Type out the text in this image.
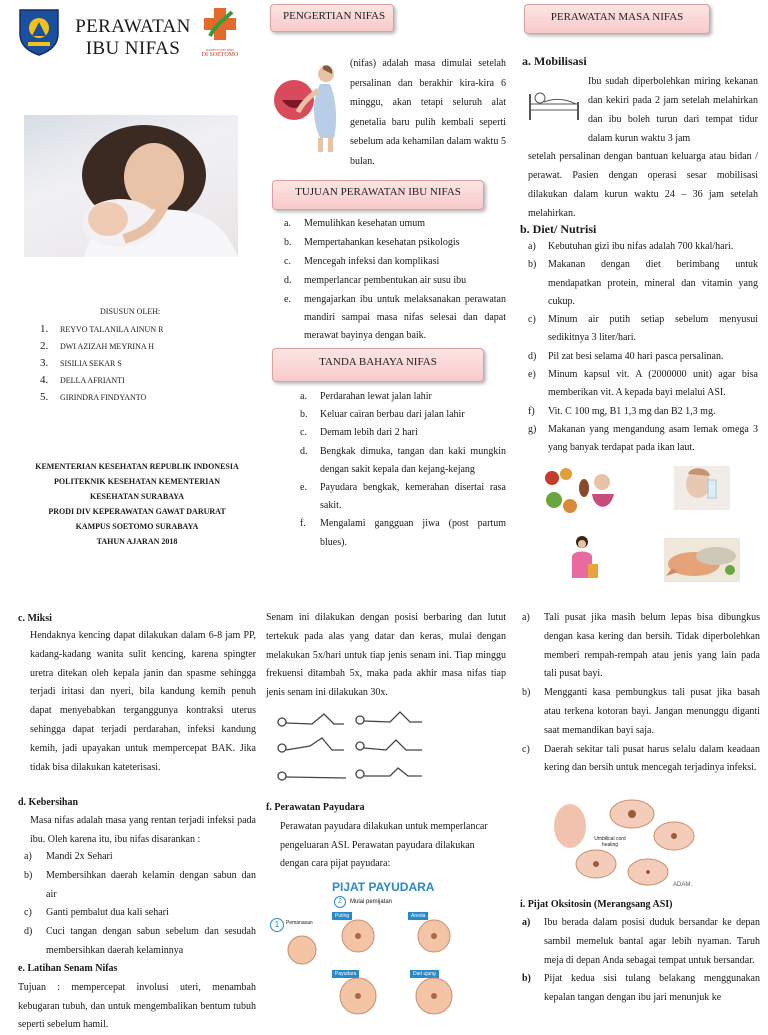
PERAWATAN
IBU NIFAS	KAMPUS SOETOMO
DI SOETOMO
DISUSUN OLEH:
1. REYVO TALANILA AINUN R
2. DWI AZIZAH MEYRINA H
3. SISILIA SEKAR S
4. DELLA AFRIANTI
5. GIRINDRA FINDYANTO
KEMENTERIAN KESEHATAN REPUBLIK INDONESIA
POLITEKNIK KESEHATAN KEMENTERIAN
KESEHATAN SURABAYA
PRODI DIV KEPERAWATAN GAWAT DARURAT
KAMPUS SOETOMO SURABAYA
TAHUN AJARAN 2018
PENGERTIAN NIFAS
(nifas) adalah masa dimulai setelah persalinan dan berakhir kira-kira 6 minggu, akan tetapi seluruh alat genetalia baru pulih kembali seperti sebelum ada kehamilan dalam waktu 5 bulan.
TUJUAN PERAWATAN IBU NIFAS
a. Memulihkan kesehatan umum
b. Mempertahankan kesehatan psikologis
c. Mencegah infeksi dan komplikasi
d. memperlancar pembentukan air susu ibu
e. mengajarkan ibu untuk melaksanakan perawatan mandiri sampai masa nifas selesai dan dapat merawat bayinya dengan baik.
TANDA BAHAYA NIFAS
a. Perdarahan lewat jalan lahir
b. Keluar cairan berbau dari jalan lahir
c. Demam lebih dari 2 hari
d. Bengkak dimuka, tangan dan kaki mungkin dengan sakit kepala dan kejang-kejang
e. Payudara bengkak, kemerahan disertai rasa sakit.
f. Mengalami gangguan jiwa (post partum blues).
PERAWATAN MASA NIFAS
a. Mobilisasi
Ibu sudah diperbolehkan miring kekanan dan kekiri pada 2 jam setelah melahirkan dan ibu boleh turun dari tempat tidur dalam kurun waktu 3 jam
setelah persalinan dengan bantuan keluarga atau bidan / perawat. Pasien dengan operasi sesar mobilisasi dilakukan dalam kurun waktu 24 – 36 jam setelah melahirkan.
b. Diet/ Nutrisi
a) Kebutuhan gizi ibu nifas adalah 700 kkal/hari.
b) Makanan dengan diet berimbang untuk mendapatkan protein, mineral dan vitamin yang cukup.
c) Minum air putih setiap sebelum menyusui sedikitnya 3 liter/hari.
d) Pil zat besi selama 40 hari pasca persalinan.
e) Minum kapsul vit. A (2000000 unit) agar bisa memberikan vit. A kepada bayi melalui ASI.
f) Vit. C 100 mg, B1 1,3 mg dan B2 1,3 mg.
g) Makanan yang mengandung asam lemak omega 3 yang banyak terdapat pada ikan laut.
c. Miksi
Hendaknya kencing dapat dilakukan dalam 6-8 jam PP, kadang-kadang wanita sulit kencing, karena spingter uretra ditekan oleh kepala janin dan spasme sehingga terjadi iritasi dan nyeri, bila kandung kemih penuh dapat menyebabkan terganggunya kontraksi uterus sehingga dapat terjadi perdarahan, infeksi kandung kemih, jadi upayakan untuk mempercepat BAK. Jika tidak bisa dilakukan kateterisasi.
d. Kebersihan
Masa nifas adalah masa yang rentan terjadi infeksi pada ibu. Oleh karena itu, ibu nifas disarankan :
a) Mandi 2x Sehari
b) Membersihkan daerah kelamin dengan sabun dan air
c) Ganti pembalut dua kali sehari
d) Cuci tangan dengan sabun sebelum dan sesudah membersihkan daerah kelaminnya
e. Latihan Senam Nifas
Tujuan : mempercepat involusi uteri, menambah kebugaran tubuh, dan untuk mengembalikan bentum tubuh seperti sebelum hamil.
Senam ini dilakukan dengan posisi berbaring dan lutut tertekuk pada alas yang datar dan keras, mulai dengan melakukan 5x/hari untuk tiap jenis senam ini. Tiap minggu frekuensi ditambah 5x, maka pada akhir masa nifas tiap jenis senam ini dilakukan 30x.
f. Perawatan Payudara
Perawatan payudara dilakukan untuk memperlancar pengeluaran ASI. Perawatan payudara dilakukan dengan cara pijat payudara:
PIJAT PAYUDARA
2	Mulai pemijatan
1	Pemanasan
Puting	Areola
Payudara	Dari ujung
a) Tali pusat jika masih belum lepas bisa dibungkus dengan kasa kering dan bersih. Tidak diperbolehkan memberi rempah-rempah atau jenis yang lain pada tali pusat bayi.
b) Mengganti kasa pembungkus tali pusat jika basah atau terkena kotoran bayi. Jangan menunggu diganti saat memandikan bayi saja.
c) Daerah sekitar tali pusat harus selalu dalam keadaan kering dan bersih untuk mencegah terjadinya infeksi.
Umbilical cord healing
ADAM.
i. Pijat Oksitosin (Merangsang ASI)
a) Ibu berada dalam posisi duduk bersandar ke depan sambil memeluk bantal agar lebih nyaman. Taruh meja di depan Anda sebagai tempat untuk bersandar.
b) Pijat kedua sisi tulang belakang menggunakan kepalan tangan dengan ibu jari menunjuk ke
